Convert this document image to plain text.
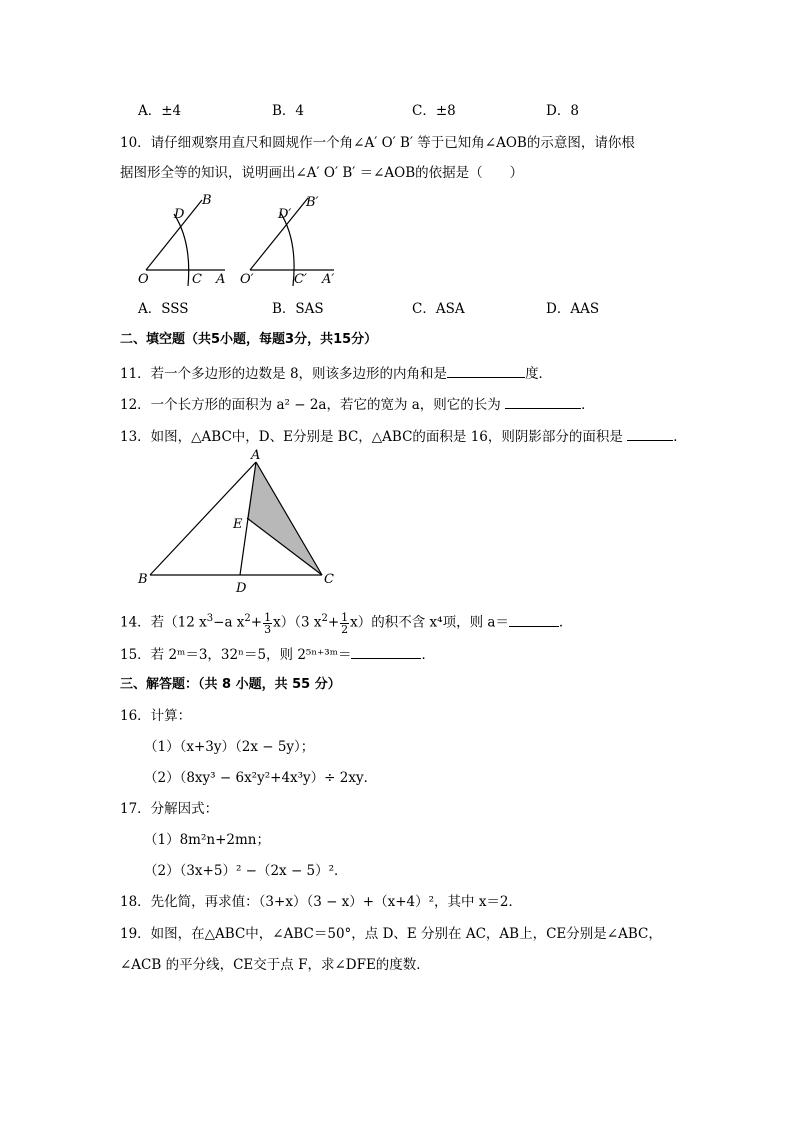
A．±4	B．4	C．±8	D．8
10．请仔细观察用直尺和圆规作一个角∠A′ O′ B′ 等于已知角∠AOB的示意图，请你根
据图形全等的知识，说明画出∠A′ O′ B′ ＝∠AOB的依据是（　　）
D
B
O	C A
D′
B′
O′	C′ A′
A．SSS	B．SAS	C．ASA	D．AAS
二、填空题（共5小题，每题3分，共15分）
11．若一个多边形的边数是 8，则该多边形的内角和是	度．
12．一个长方形的面积为 a² − 2a，若它的宽为 a，则它的长为	．
13．如图，△ABC中，D、E分别是 BC，△ABC的面积是 16，则阴影部分的面积是	．
A
E
B
D
C
14．若（12 $x^3-a$ $x^2+ \frac{1}{3} x)(3$ $x^2+ \frac{1}{2} x$）的积不含 x⁴项，则 a＝	．
15．若 2ᵐ＝3，32ⁿ＝5，则 2⁵ⁿ⁺³ᵐ＝	．
三、解答题：（共 8 小题，共 55 分）
16．计算：
（1）（x+3y）（2x − 5y）；
（2）（8xy³ − 6x²y²+4x³y）÷ 2xy．
17．分解因式：
（1）8m²n+2mn；
（2）（3x+5）² −（2x − 5）²．
18．先化简，再求值：（3+x）（3 − x）+（x+4）²，其中 x＝2．
19．如图，在△ABC中，∠ABC＝50°，点 D、E 分别在 AC，AB上，CE分别是∠ABC，
∠ACB 的平分线，CE交于点 F，求∠DFE的度数．
